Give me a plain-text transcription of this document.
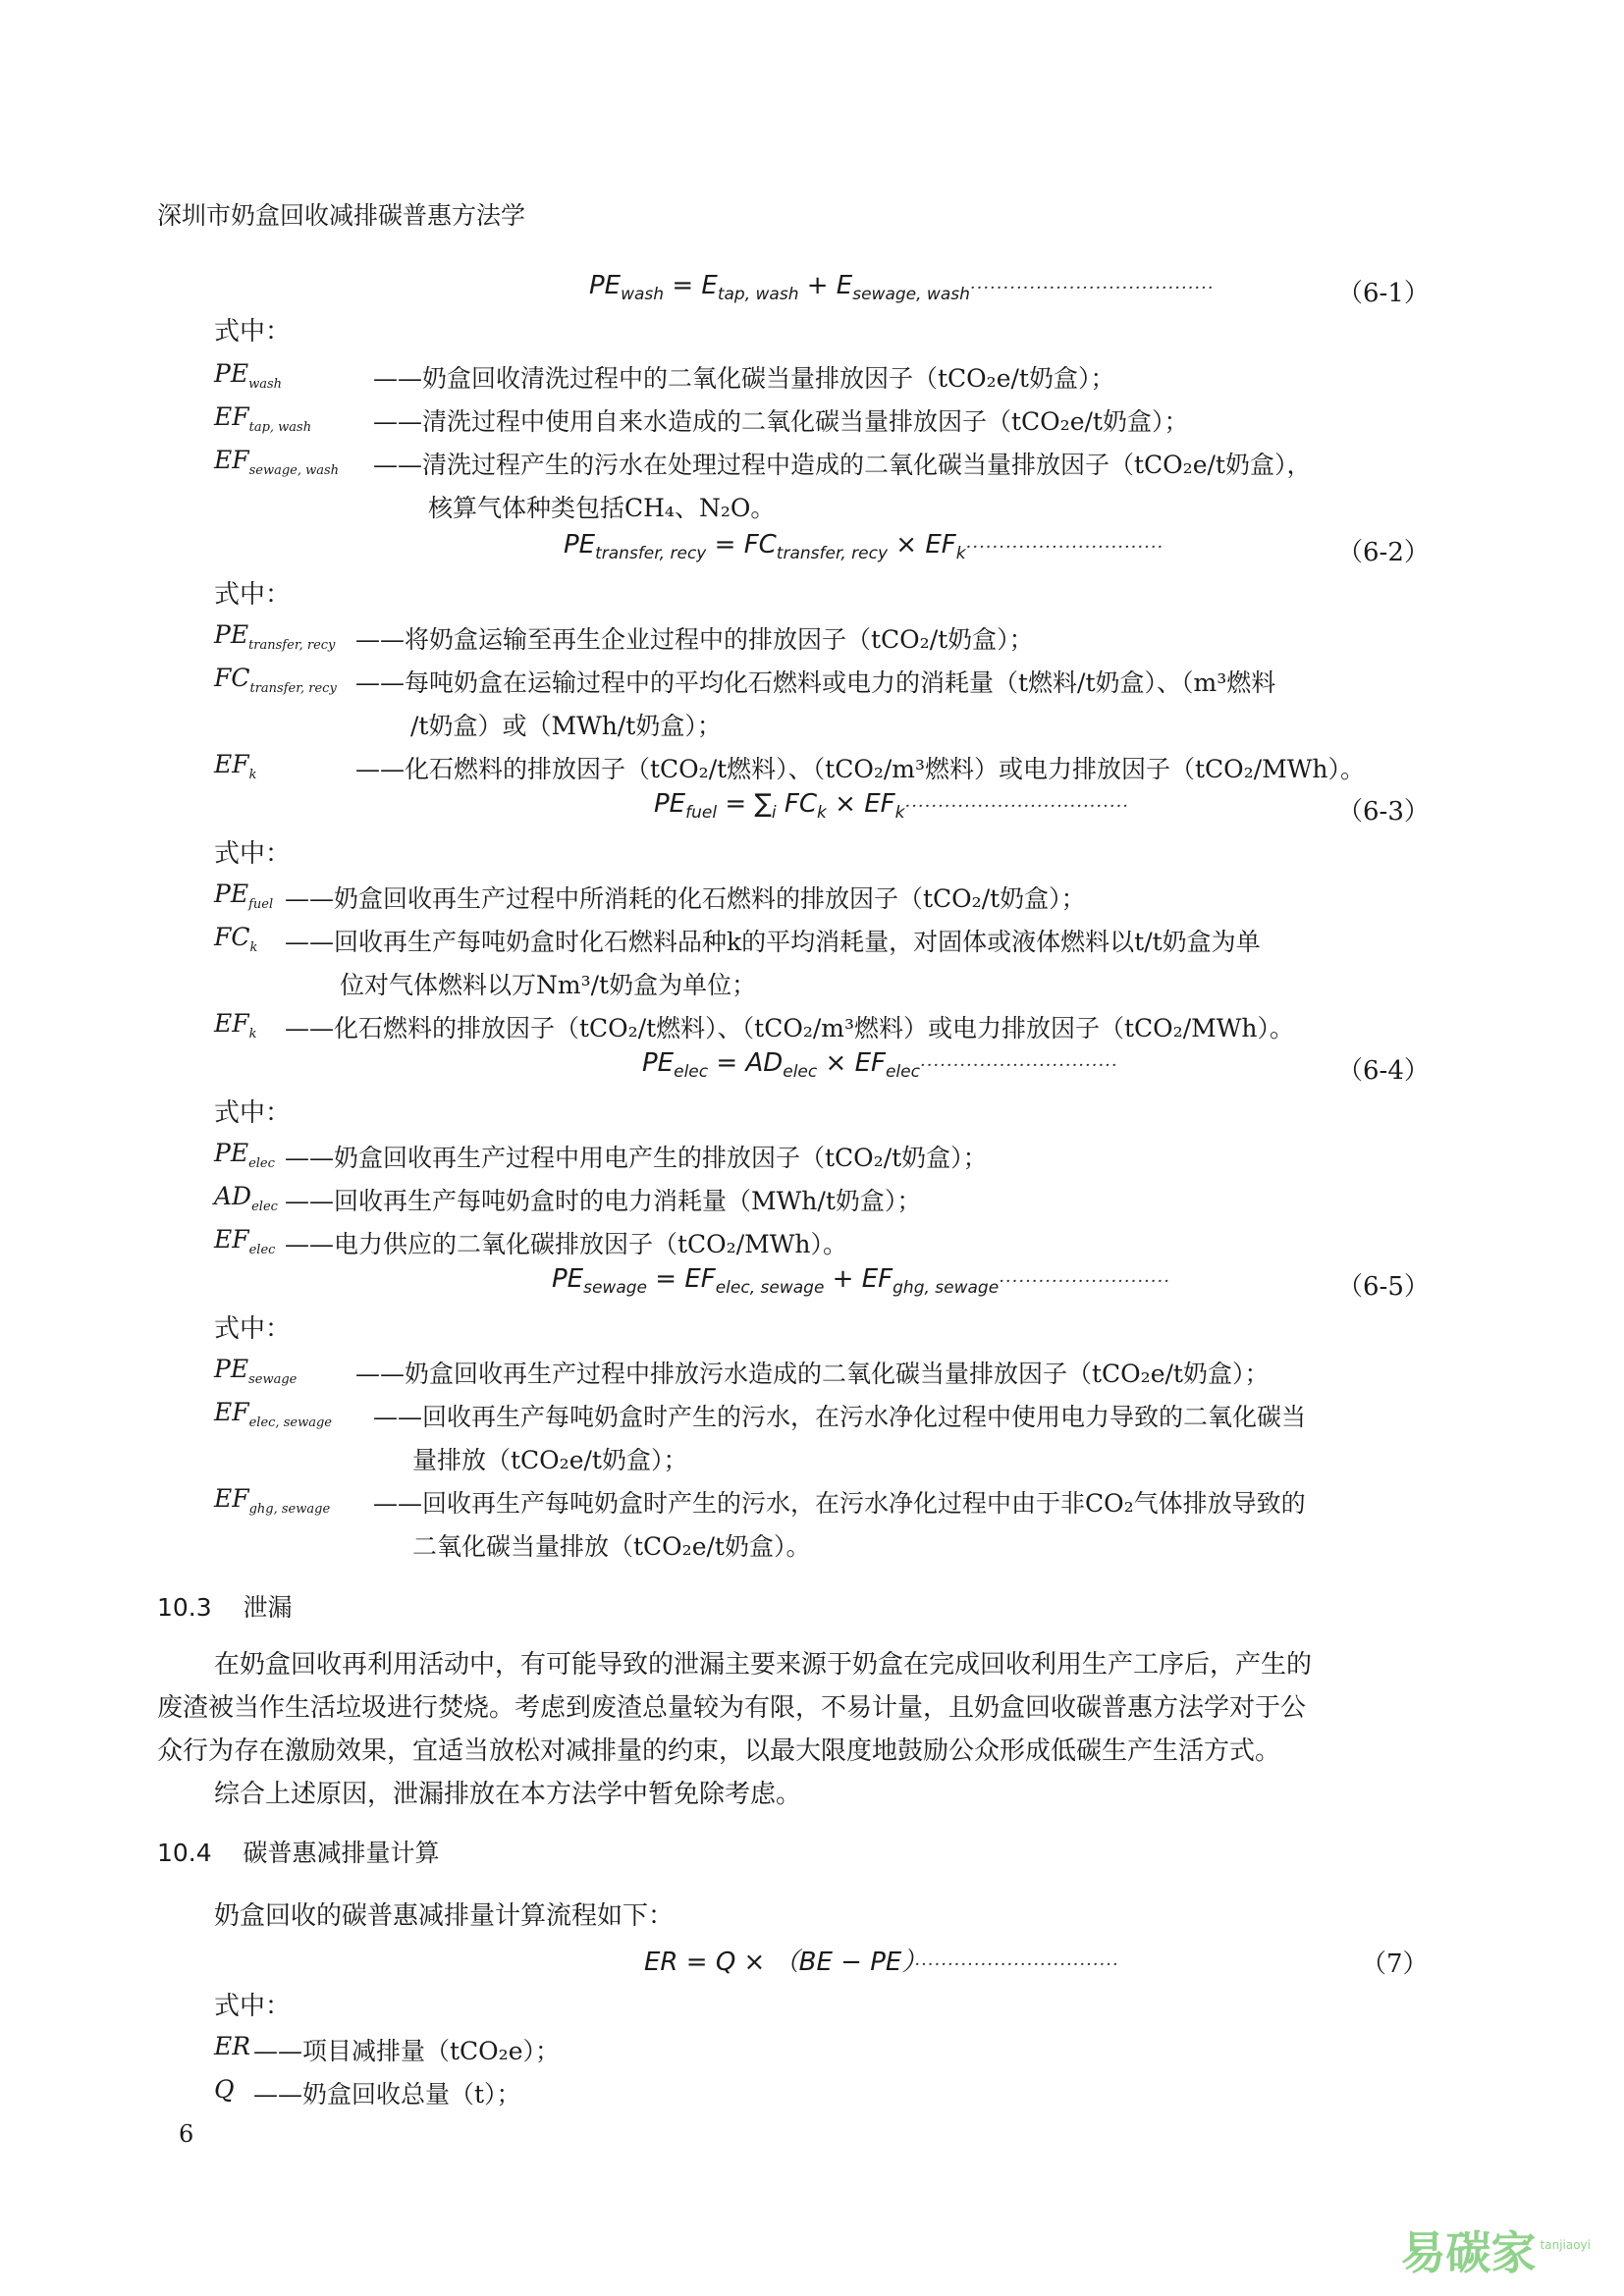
深圳市奶盒回收减排碳普惠方法学
$PE_{wash} = E_{tap, wash} + E_{sewage, wash}\cdot\cdot\cdot\cdot\cdot\cdot\cdot\cdot\cdot\cdot\cdot\cdot\cdot\cdot\cdot\cdot\cdot\cdot\cdot\cdot\cdot\cdot\cdot\cdot\cdot\cdot\cdot\cdot\cdot\cdot\cdot\cdot\cdot\cdot\cdot\cdot\cdot$	（6-1）
式中：
$PE_{wash}$	——奶盒回收清洗过程中的二氧化碳当量排放因子（tCO₂e/t奶盒）；
$EF_{tap, wash}$	——清洗过程中使用自来水造成的二氧化碳当量排放因子（tCO₂e/t奶盒）；
$EF_{sewage, wash}$ ——清洗过程产生的污水在处理过程中造成的二氧化碳当量排放因子（tCO₂e/t奶盒），
核算气体种类包括CH₄、N₂O。
$PE_{transfer, recy} = FC_{transfer, recy} \times EF_k\cdot\cdot\cdot\cdot\cdot\cdot\cdot\cdot\cdot\cdot\cdot\cdot\cdot\cdot\cdot\cdot\cdot\cdot\cdot\cdot\cdot\cdot\cdot\cdot\cdot\cdot\cdot\cdot\cdot\cdot$	（6-2）
式中：
$PE_{transfer, recy}$ ——将奶盒运输至再生企业过程中的排放因子（tCO₂/t奶盒）；
$FC_{transfer, recy}$ ——每吨奶盒在运输过程中的平均化石燃料或电力的消耗量（t燃料/t奶盒）、（m³燃料
/t奶盒）或（MWh/t奶盒）；
$EF_k$	——化石燃料的排放因子（tCO₂/t燃料）、（tCO₂/m³燃料）或电力排放因子（tCO₂/MWh）。
$PE_{fuel} = \sum_i$ $FC_k \times EF_k\cdot\cdot\cdot\cdot\cdot\cdot\cdot\cdot\cdot\cdot\cdot\cdot\cdot\cdot\cdot\cdot\cdot\cdot\cdot\cdot\cdot\cdot\cdot\cdot\cdot\cdot\cdot\cdot\cdot\cdot\cdot\cdot\cdot\cdot$	（6-3）
式中：
$PE_{fuel}$ ——奶盒回收再生产过程中所消耗的化石燃料的排放因子（tCO₂/t奶盒）；
$FC_k$ ——回收再生产每吨奶盒时化石燃料品种k的平均消耗量，对固体或液体燃料以t/t奶盒为单
位对气体燃料以万Nm³/t奶盒为单位；
$EF_k$ ——化石燃料的排放因子（tCO₂/t燃料）、（tCO₂/m³燃料）或电力排放因子（tCO₂/MWh）。
$PE_{elec} = AD_{elec} \times EF_{elec}\cdot\cdot\cdot\cdot\cdot\cdot\cdot\cdot\cdot\cdot\cdot\cdot\cdot\cdot\cdot\cdot\cdot\cdot\cdot\cdot\cdot\cdot\cdot\cdot\cdot\cdot\cdot\cdot\cdot\cdot$	（6-4）
式中：
$PE_{elec}$ ——奶盒回收再生产过程中用电产生的排放因子（tCO₂/t奶盒）；
$AD_{elec}$ ——回收再生产每吨奶盒时的电力消耗量（MWh/t奶盒）；
$EF_{elec}$ ——电力供应的二氧化碳排放因子（tCO₂/MWh）。
$PE_{sewage} = EF_{elec, sewage} + EF_{ghg, sewage}\cdot\cdot\cdot\cdot\cdot\cdot\cdot\cdot\cdot\cdot\cdot\cdot\cdot\cdot\cdot\cdot\cdot\cdot\cdot\cdot\cdot\cdot\cdot\cdot\cdot\cdot$	（6-5）
式中：
$PE_{sewage}$ ——奶盒回收再生产过程中排放污水造成的二氧化碳当量排放因子（tCO₂e/t奶盒）；
$EF_{elec, sewage}$ ——回收再生产每吨奶盒时产生的污水，在污水净化过程中使用电力导致的二氧化碳当
量排放（tCO₂e/t奶盒）；
$EF_{ghg, sewage}$ ——回收再生产每吨奶盒时产生的污水，在污水净化过程中由于非CO₂气体排放导致的
二氧化碳当量排放（tCO₂e/t奶盒）。
10.3 泄漏
在奶盒回收再利用活动中，有可能导致的泄漏主要来源于奶盒在完成回收利用生产工序后，产生的
废渣被当作生活垃圾进行焚烧。考虑到废渣总量较为有限，不易计量，且奶盒回收碳普惠方法学对于公
众行为存在激励效果，宜适当放松对减排量的约束，以最大限度地鼓励公众形成低碳生产生活方式。
综合上述原因，泄漏排放在本方法学中暂免除考虑。
10.4 碳普惠减排量计算
奶盒回收的碳普惠减排量计算流程如下：
ER = Q × （BE − PE）·······························	（7）
式中：
ER ——项目减排量（tCO₂e）；
Q ——奶盒回收总量（t）；
6
易碳家 $^{tanjiaoyi}$
